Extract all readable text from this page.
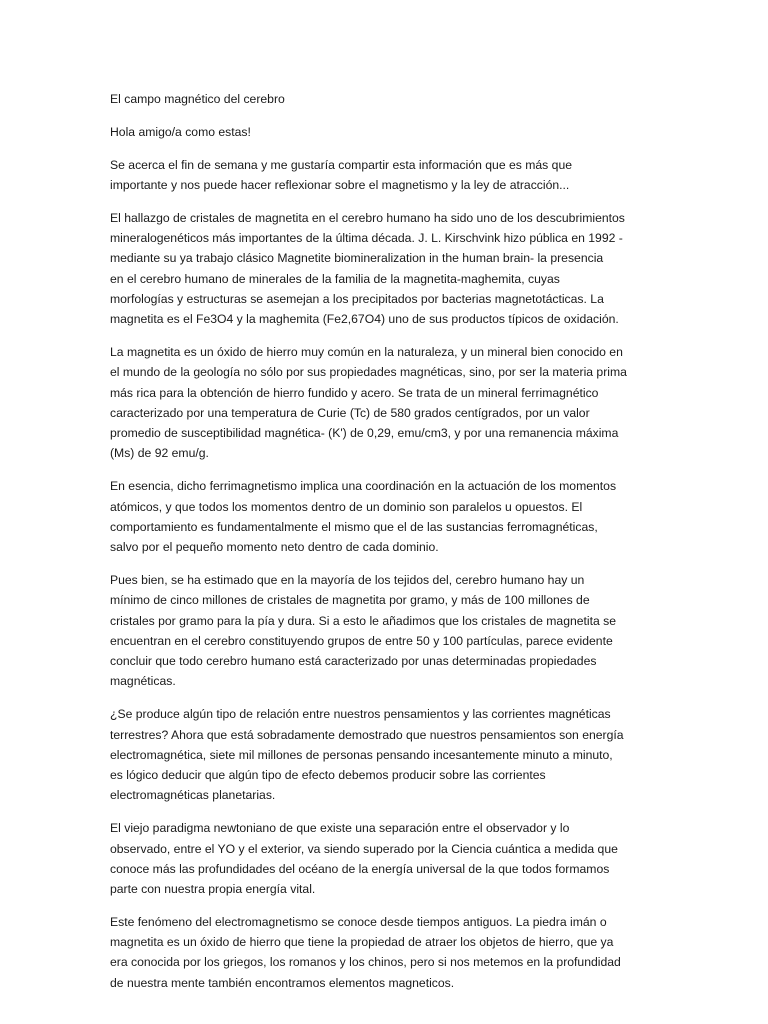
El campo magnético del cerebro

Hola amigo/a como estas!

Se acerca el fin de semana y me gustaría compartir esta información que es más que
importante y nos puede hacer reflexionar sobre el magnetismo y la ley de atracción...

El hallazgo de cristales de magnetita en el cerebro humano ha sido uno de los descubrimientos
mineralogenéticos más importantes de la última década. J. L. Kirschvink hizo pública en 1992 -
mediante su ya trabajo clásico Magnetite biomineralization in the human brain- la presencia
en el cerebro humano de minerales de la familia de la magnetita-maghemita, cuyas
morfologías y estructuras se asemejan a los precipitados por bacterias magnetotácticas. La
magnetita es el Fe3O4 y la maghemita (Fe2,67O4) uno de sus productos típicos de oxidación.

La magnetita es un óxido de hierro muy común en la naturaleza, y un mineral bien conocido en
el mundo de la geología no sólo por sus propiedades magnéticas, sino, por ser la materia prima
más rica para la obtención de hierro fundido y acero. Se trata de un mineral ferrimagnético
caracterizado por una temperatura de Curie (Tc) de 580 grados centígrados, por un valor
promedio de susceptibilidad magnética- (K') de 0,29, emu/cm3, y por una remanencia máxima
(Ms) de 92 emu/g.

En esencia, dicho ferrimagnetismo implica una coordinación en la actuación de los momentos
atómicos, y que todos los momentos dentro de un dominio son paralelos u opuestos. El
comportamiento es fundamentalmente el mismo que el de las sustancias ferromagnéticas,
salvo por el pequeño momento neto dentro de cada dominio.

Pues bien, se ha estimado que en la mayoría de los tejidos del, cerebro humano hay un
mínimo de cinco millones de cristales de magnetita por gramo, y más de 100 millones de
cristales por gramo para la pía y dura. Si a esto le añadimos que los cristales de magnetita se
encuentran en el cerebro constituyendo grupos de entre 50 y 100 partículas, parece evidente
concluir que todo cerebro humano está caracterizado por unas determinadas propiedades
magnéticas.

¿Se produce algún tipo de relación entre nuestros pensamientos y las corrientes magnéticas
terrestres? Ahora que está sobradamente demostrado que nuestros pensamientos son energía
electromagnética, siete mil millones de personas pensando incesantemente minuto a minuto,
es lógico deducir que algún tipo de efecto debemos producir sobre las corrientes
electromagnéticas planetarias.

El viejo paradigma newtoniano de que existe una separación entre el observador y lo
observado, entre el YO y el exterior, va siendo superado por la Ciencia cuántica a medida que
conoce más las profundidades del océano de la energía universal de la que todos formamos
parte con nuestra propia energía vital.

Este fenómeno del electromagnetismo se conoce desde tiempos antiguos. La piedra imán o
magnetita es un óxido de hierro que tiene la propiedad de atraer los objetos de hierro, que ya
era conocida por los griegos, los romanos y los chinos, pero si nos metemos en la profundidad
de nuestra mente también encontramos elementos magneticos.
